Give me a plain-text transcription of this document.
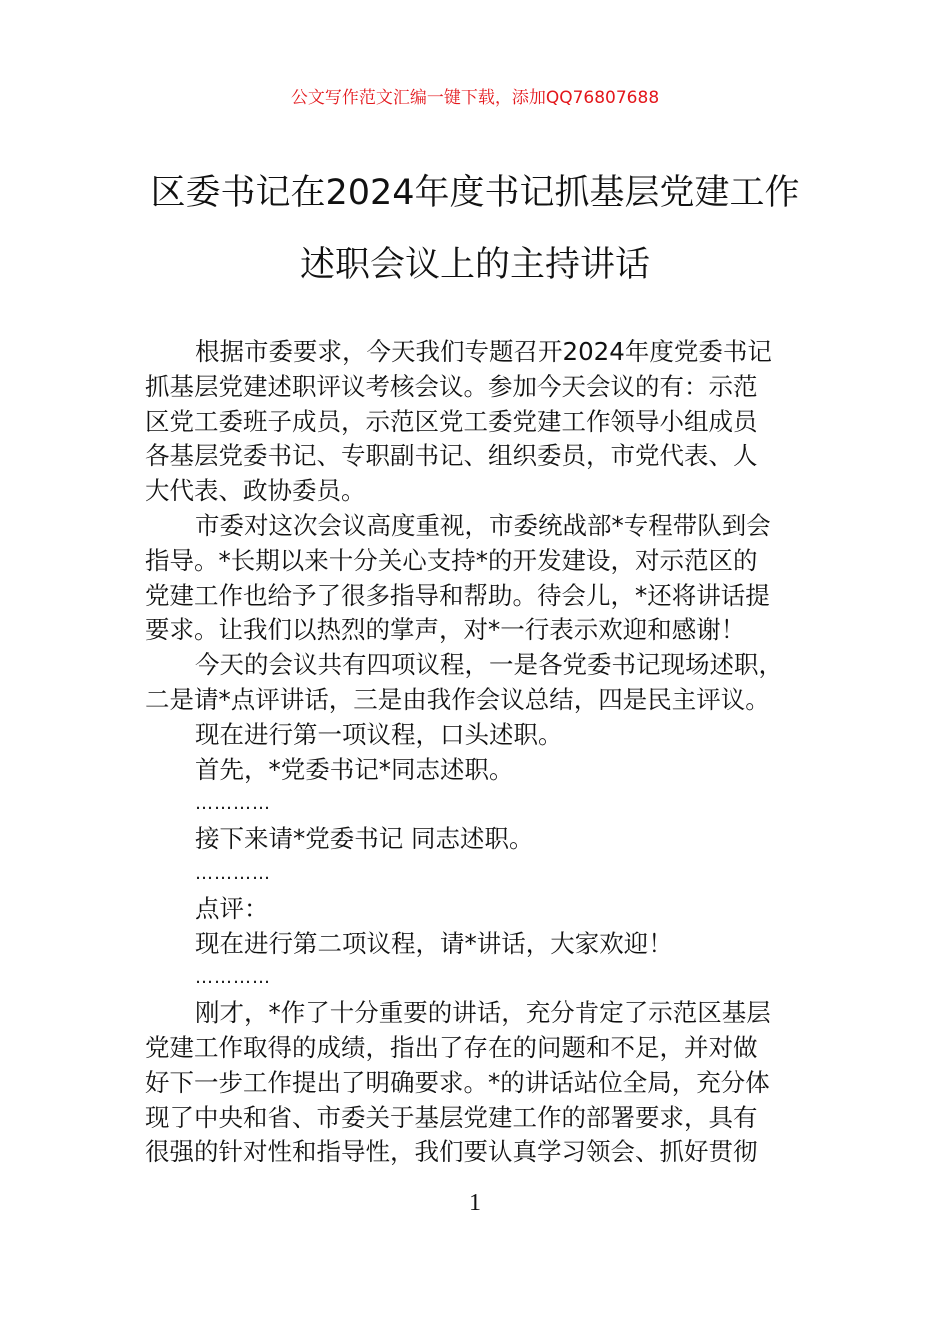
公文写作范文汇编一键下载，添加QQ76807688
区委书记在2024年度书记抓基层党建工作
述职会议上的主持讲话
根据市委要求，今天我们专题召开2024年度党委书记
抓基层党建述职评议考核会议。参加今天会议的有：示范
区党工委班子成员，示范区党工委党建工作领导小组成员
各基层党委书记、专职副书记、组织委员，市党代表、人
大代表、政协委员。
市委对这次会议高度重视，市委统战部*专程带队到会
指导。*长期以来十分关心支持*的开发建设，对示范区的
党建工作也给予了很多指导和帮助。待会儿，*还将讲话提
要求。让我们以热烈的掌声，对*一行表示欢迎和感谢！
今天的会议共有四项议程，一是各党委书记现场述职，
二是请*点评讲话，三是由我作会议总结，四是民主评议。
现在进行第一项议程，口头述职。
首先，*党委书记*同志述职。
…………
接下来请*党委书记 同志述职。
…………
点评：
现在进行第二项议程，请*讲话，大家欢迎！
…………
刚才，*作了十分重要的讲话，充分肯定了示范区基层
党建工作取得的成绩，指出了存在的问题和不足，并对做
好下一步工作提出了明确要求。*的讲话站位全局，充分体
现了中央和省、市委关于基层党建工作的部署要求，具有
很强的针对性和指导性，我们要认真学习领会、抓好贯彻
1
